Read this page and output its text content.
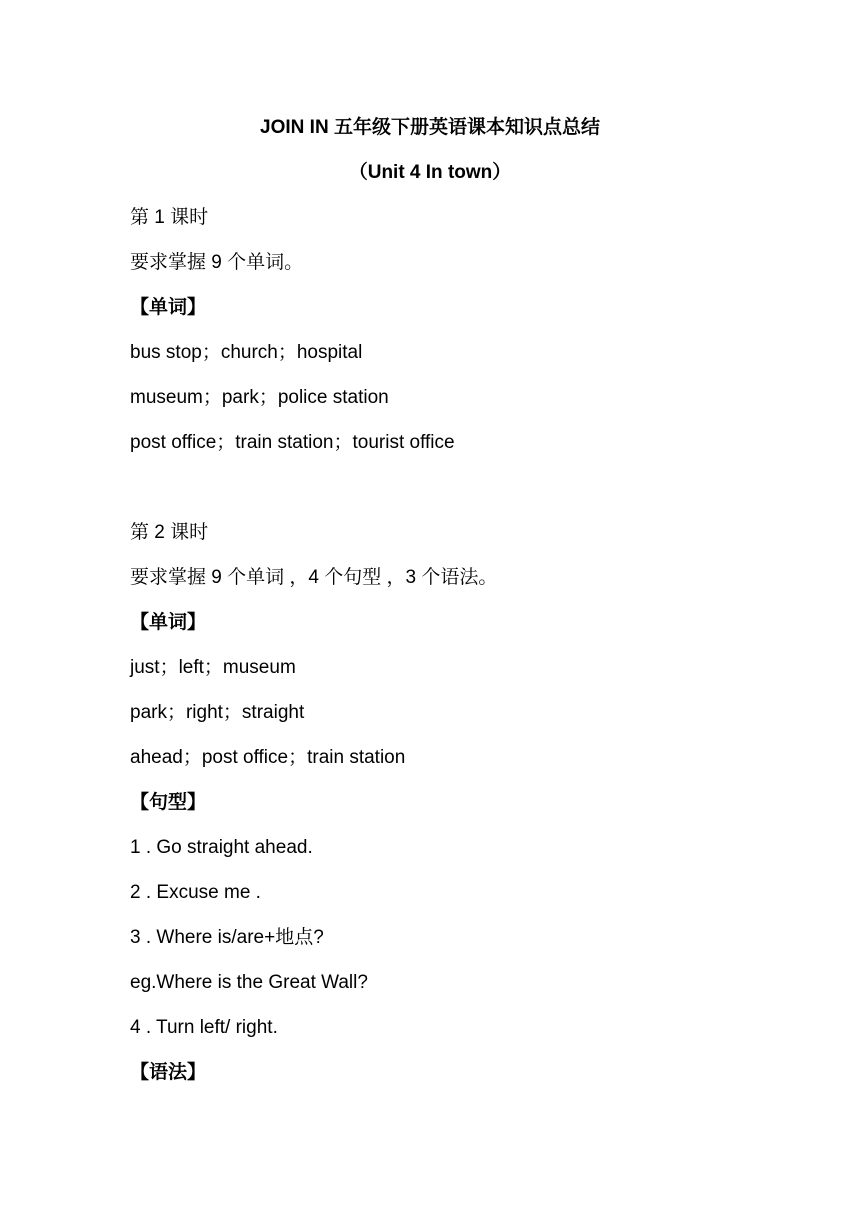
JOIN IN 五年级下册英语课本知识点总结
（Unit 4 In town）
第 1 课时
要求掌握 9 个单词。
【单词】
bus stop；church；hospital
museum；park；police station
post office；train station；tourist office
第 2 课时
要求掌握 9 个单词 ，4 个句型 ，3 个语法。
【单词】
just；left；museum
park；right；straight
ahead；post office；train station
【句型】
1 . Go straight ahead.
2 . Excuse me .
3 . Where is/are+地点?
eg.Where is the Great Wall?
4 . Turn left/ right.
【语法】
